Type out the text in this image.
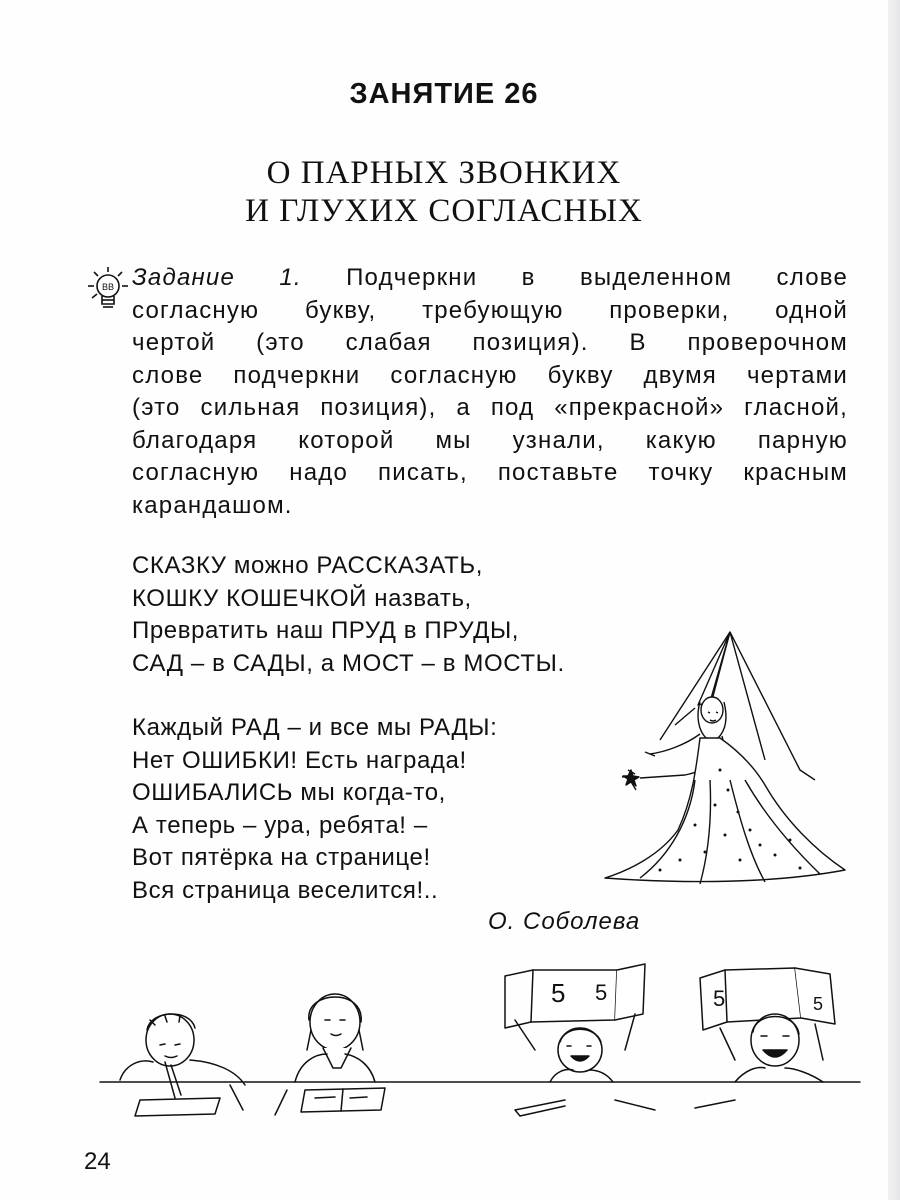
ЗАНЯТИЕ 26
О ПАРНЫХ ЗВОНКИХ
И ГЛУХИХ СОГЛАСНЫХ
BB Задание 1. Подчеркни в выделенном слове
согласную букву, требующую проверки, одной
чертой (это слабая позиция). В проверочном
слове подчеркни согласную букву двумя чертами
(это сильная позиция), а под «прекрасной» гласной,
благодаря которой мы узнали, какую парную
согласную надо писать, поставьте точку красным
карандашом.
СКАЗКУ можно РАССКАЗАТЬ,
КОШКУ КОШЕЧКОЙ назвать,
Превратить наш ПРУД в ПРУДЫ,
САД – в САДЫ, а МОСТ – в МОСТЫ.
Каждый РАД – и все мы РАДЫ:
Нет ОШИБКИ! Есть награда!
ОШИБАЛИСЬ мы когда-то,
А теперь – ура, ребята! –
Вот пятёрка на странице!
Вся страница веселится!..
О. Соболева
5 5	5	5
24
